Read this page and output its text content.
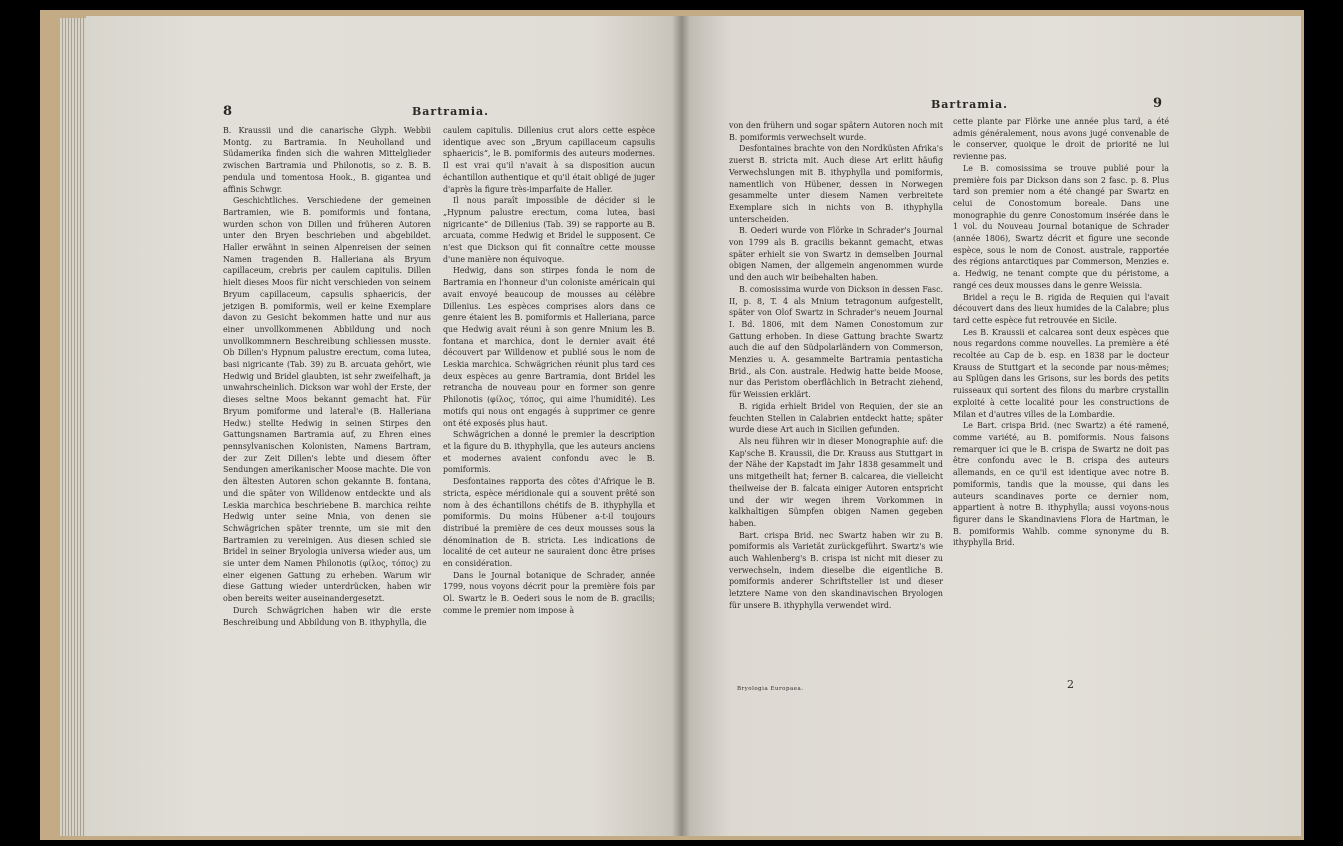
8	Bartramia.

B. Kraussii und die canarische Glyph. Webbii Montg. zu Bartramia. In Neuholland und Südamerika finden sich die wahren Mittelglieder zwischen Bartramia und Philonotis, so z. B. B. pendula und tomentosa Hook., B. gigantea und affinis Schwgr.

Geschichtliches. Verschiedene der gemeinen Bartramien, wie B. pomiformis und fontana, wurden schon von Dillen und früheren Autoren unter den Bryen beschrieben und abgebildet. Haller erwähnt in seinen Alpenreisen der seinen Namen tragenden B. Halleriana als Bryum capillaceum, crebris per caulem capitulis. Dillen hielt dieses Moos für nicht verschieden von seinem Bryum capillaceum, capsulis sphaericis, der jetzigen B. pomiformis, weil er keine Exemplare davon zu Gesicht bekommen hatte und nur aus einer unvollkommenen Abbildung und noch unvollkommnern Beschreibung schliessen musste. Ob Dillen's Hypnum palustre erectum, coma lutea, basi nigricante (Tab. 39) zu B. arcuata gehört, wie Hedwig und Bridel glaubten, ist sehr zweifelhaft, ja unwahrscheinlich. Dickson war wohl der Erste, der dieses seltne Moos bekannt gemacht hat. Für Bryum pomiforme und lateral'e (B. Halleriana Hedw.) stellte Hedwig in seinen Stirpes den Gattungsnamen Bartramia auf, zu Ehren eines pennsylvanischen Kolonisten, Namens Bartram, der zur Zeit Dillen's lebte und diesem öfter Sendungen amerikanischer Moose machte. Die von den ältesten Autoren schon gekannte B. fontana, und die später von Willdenow entdeckte und als Leskia marchica beschriebene B. marchica reihte Hedwig unter seine Mnia, von denen sie Schwägrichen später trennte, um sie mit den Bartramien zu vereinigen. Aus diesen schied sie Bridel in seiner Bryologia universa wieder aus, um sie unter dem Namen Philonotis (φίλος, τόπος) zu einer eigenen Gattung zu erheben. Warum wir diese Gattung wieder unterdrücken, haben wir oben bereits weiter auseinandergesetzt.

Durch Schwägrichen haben wir die erste Beschreibung und Abbildung von B. ithyphylla, die

caulem capitulis. Dillenius crut alors cette espèce identique avec son „Bryum capillaceum capsulis sphaericis“, le B. pomiformis des auteurs modernes. Il est vrai qu'il n'avait à sa disposition aucun échantillon authentique et qu'il était obligé de juger d'après la figure très-imparfaite de Haller.

Il nous paraît impossible de décider si le „Hypnum palustre erectum, coma lutea, basi nigricante“ de Dillenius (Tab. 39) se rapporte au B. arcuata, comme Hedwig et Bridel le supposent. Ce n'est que Dickson qui fit connaître cette mousse d'une manière non équivoque.

Hedwig, dans son stirpes fonda le nom de Bartramia en l'honneur d'un coloniste américain qui avait envoyé beaucoup de mousses au célèbre Dillenius. Les espèces comprises alors dans ce genre étaient les B. pomiformis et Halleriana, parce que Hedwig avait réuni à son genre Mnium les B. fontana et marchica, dont le dernier avait été découvert par Willdenow et publié sous le nom de Leskia marchica. Schwägrichen réunit plus tard ces deux espèces au genre Bartramia, dont Bridel les retrancha de nouveau pour en former son genre Philonotis (φίλος, τόπος, qui aime l'humidité). Les motifs qui nous ont engagés à supprimer ce genre ont été exposés plus haut.

Schwägrichen a donné le premier la description et la figure du B. ithyphylla, que les auteurs anciens et modernes avaient confondu avec le B. pomiformis.

Desfontaines rapporta des côtes d'Afrique le B. stricta, espèce méridionale qui a souvent prêté son nom à des échantillons chétifs de B. ithyphylla et pomiformis. Du moins Hübener a-t-il toujours distribué la première de ces deux mousses sous la dénomination de B. stricta. Les indications de localité de cet auteur ne sauraient donc être prises en considération.

Dans le Journal botanique de Schrader, année 1799, nous voyons décrit pour la première fois par Ol. Swartz le B. Oederi sous le nom de B. gracilis; comme le premier nom impose à

Bartramia.	9

von den frühern und sogar spätern Autoren noch mit B. pomiformis verwechselt wurde.

Desfontaines brachte von den Nordküsten Afrika's zuerst B. stricta mit. Auch diese Art erlitt häufig Verwechslungen mit B. ithyphylla und pomiformis, namentlich von Hübener, dessen in Norwegen gesammelte unter diesem Namen verbreitete Exemplare sich in nichts von B. ithyphylla unterscheiden.

B. Oederi wurde von Flörke in Schrader's Journal von 1799 als B. gracilis bekannt gemacht, etwas später erhielt sie von Swartz in demselben Journal obigen Namen, der allgemein angenommen wurde und den auch wir beibehalten haben.

B. comosissima wurde von Dickson in dessen Fasc. II, p. 8, T. 4 als Mnium tetragonum aufgestellt, später von Olof Swartz in Schrader's neuem Journal I. Bd. 1806, mit dem Namen Conostomum zur Gattung erhoben. In diese Gattung brachte Swartz auch die auf den Südpolarländern von Commerson, Menzies u. A. gesammelte Bartramia pentasticha Brid., als Con. australe. Hedwig hatte beide Moose, nur das Peristom oberflächlich in Betracht ziehend, für Weissien erklärt.

B. rigida erhielt Bridel von Requien, der sie an feuchten Stellen in Calabrien entdeckt hatte; später wurde diese Art auch in Sicilien gefunden.

Als neu führen wir in dieser Monographie auf: die Kap'sche B. Kraussii, die Dr. Krauss aus Stuttgart in der Nähe der Kapstadt im Jahr 1838 gesammelt und uns mitgetheilt hat; ferner B. calcarea, die vielleicht theilweise der B. falcata einiger Autoren entspricht und der wir wegen ihrem Vorkommen in kalkhaltigen Sümpfen obigen Namen gegeben haben.

Bart. crispa Brid. nec Swartz haben wir zu B. pomiformis als Varietät zurückgeführt. Swartz's wie auch Wahlenberg's B. crispa ist nicht mit dieser zu verwechseln, indem dieselbe die eigentliche B. pomiformis anderer Schriftsteller ist und dieser letztere Name von den skandinavischen Bryologen für unsere B. ithyphylla verwendet wird.

cette plante par Flörke une année plus tard, a été admis généralement, nous avons jugé convenable de le conserver, quoique le droit de priorité ne lui revienne pas.

Le B. comosissima se trouve publié pour la première fois par Dickson dans son 2 fasc. p. 8. Plus tard son premier nom a été changé par Swartz en celui de Conostomum boreale. Dans une monographie du genre Conostomum insérée dans le 1 vol. du Nouveau Journal botanique de Schrader (année 1806), Swartz décrit et figure une seconde espèce, sous le nom de Conost. australe, rapportée des régions antarctiques par Commerson, Menzies e. a. Hedwig, ne tenant compte que du péristome, a rangé ces deux mousses dans le genre Weissia.

Bridel a reçu le B. rigida de Requien qui l'avait découvert dans des lieux humides de la Calabre; plus tard cette espèce fut retrouvée en Sicile.

Les B. Kraussii et calcarea sont deux espèces que nous regardons comme nouvelles. La première a été recoltée au Cap de b. esp. en 1838 par le docteur Krauss de Stuttgart et la seconde par nous-mêmes; au Splügen dans les Grisons, sur les bords des petits ruisseaux qui sortent des filons du marbre crystallin exploité à cette localité pour les constructions de Milan et d'autres villes de la Lombardie.

Le Bart. crispa Brid. (nec Swartz) a été ramené, comme variété, au B. pomiformis. Nous faisons remarquer ici que le B. crispa de Swartz ne doit pas être confondu avec le B. crispa des auteurs allemands, en ce qu'il est identique avec notre B. pomiformis, tandis que la mousse, qui dans les auteurs scandinaves porte ce dernier nom, appartient à notre B. ithyphylla; aussi voyons-nous figurer dans le Skandinaviens Flora de Hartman, le B. pomiformis Wahlb. comme synonyme du B. ithyphylla Brid.

Bryologia Europaea.	2
